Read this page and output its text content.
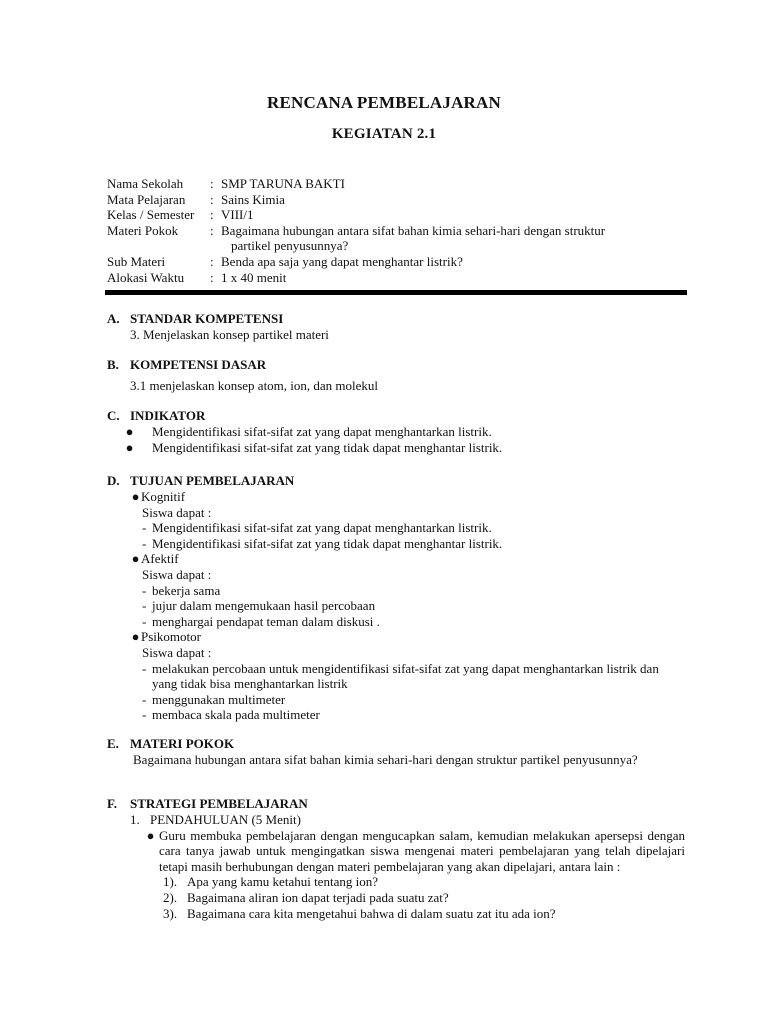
RENCANA PEMBELAJARAN
KEGIATAN 2.1
Nama Sekolah	: SMP TARUNA BAKTI
Mata Pelajaran	: Sains Kimia
Kelas / Semester	: VIII/1
Materi Pokok	: Bagaimana hubungan antara sifat bahan kimia sehari-hari dengan struktur
partikel penyusunnya?
Sub Materi	: Benda apa saja yang dapat menghantar listrik?
Alokasi Waktu	: 1 x 40 menit
A. STANDAR KOMPETENSI
3. Menjelaskan konsep partikel materi
B. KOMPETENSI DASAR
3.1 menjelaskan konsep atom, ion, dan molekul
C. INDIKATOR
●	Mengidentifikasi sifat-sifat zat yang dapat menghantarkan listrik.
●	Mengidentifikasi sifat-sifat zat yang tidak dapat menghantar listrik.
D. TUJUAN PEMBELAJARAN
● Kognitif
Siswa dapat :
- Mengidentifikasi sifat-sifat zat yang dapat menghantarkan listrik.
- Mengidentifikasi sifat-sifat zat yang tidak dapat menghantar listrik.
● Afektif
Siswa dapat :
- bekerja sama
- jujur dalam mengemukaan hasil percobaan
- menghargai pendapat teman dalam diskusi .
● Psikomotor
Siswa dapat :
- melakukan percobaan untuk mengidentifikasi sifat-sifat zat yang dapat menghantarkan listrik dan yang tidak bisa menghantarkan listrik
- menggunakan multimeter
- membaca skala pada multimeter
E. MATERI POKOK
Bagaimana hubungan antara sifat bahan kimia sehari-hari dengan struktur partikel penyusunnya?
F.	STRATEGI PEMBELAJARAN
1. PENDAHULUAN (5 Menit)
● Guru membuka pembelajaran dengan mengucapkan salam, kemudian melakukan apersepsi dengan cara tanya jawab untuk mengingatkan siswa mengenai materi pembelajaran yang telah dipelajari tetapi masih berhubungan dengan materi pembelajaran yang akan dipelajari, antara lain :
1). Apa yang kamu ketahui tentang ion?
2). Bagaimana aliran ion dapat terjadi pada suatu zat?
3). Bagaimana cara kita mengetahui bahwa di dalam suatu zat itu ada ion?
